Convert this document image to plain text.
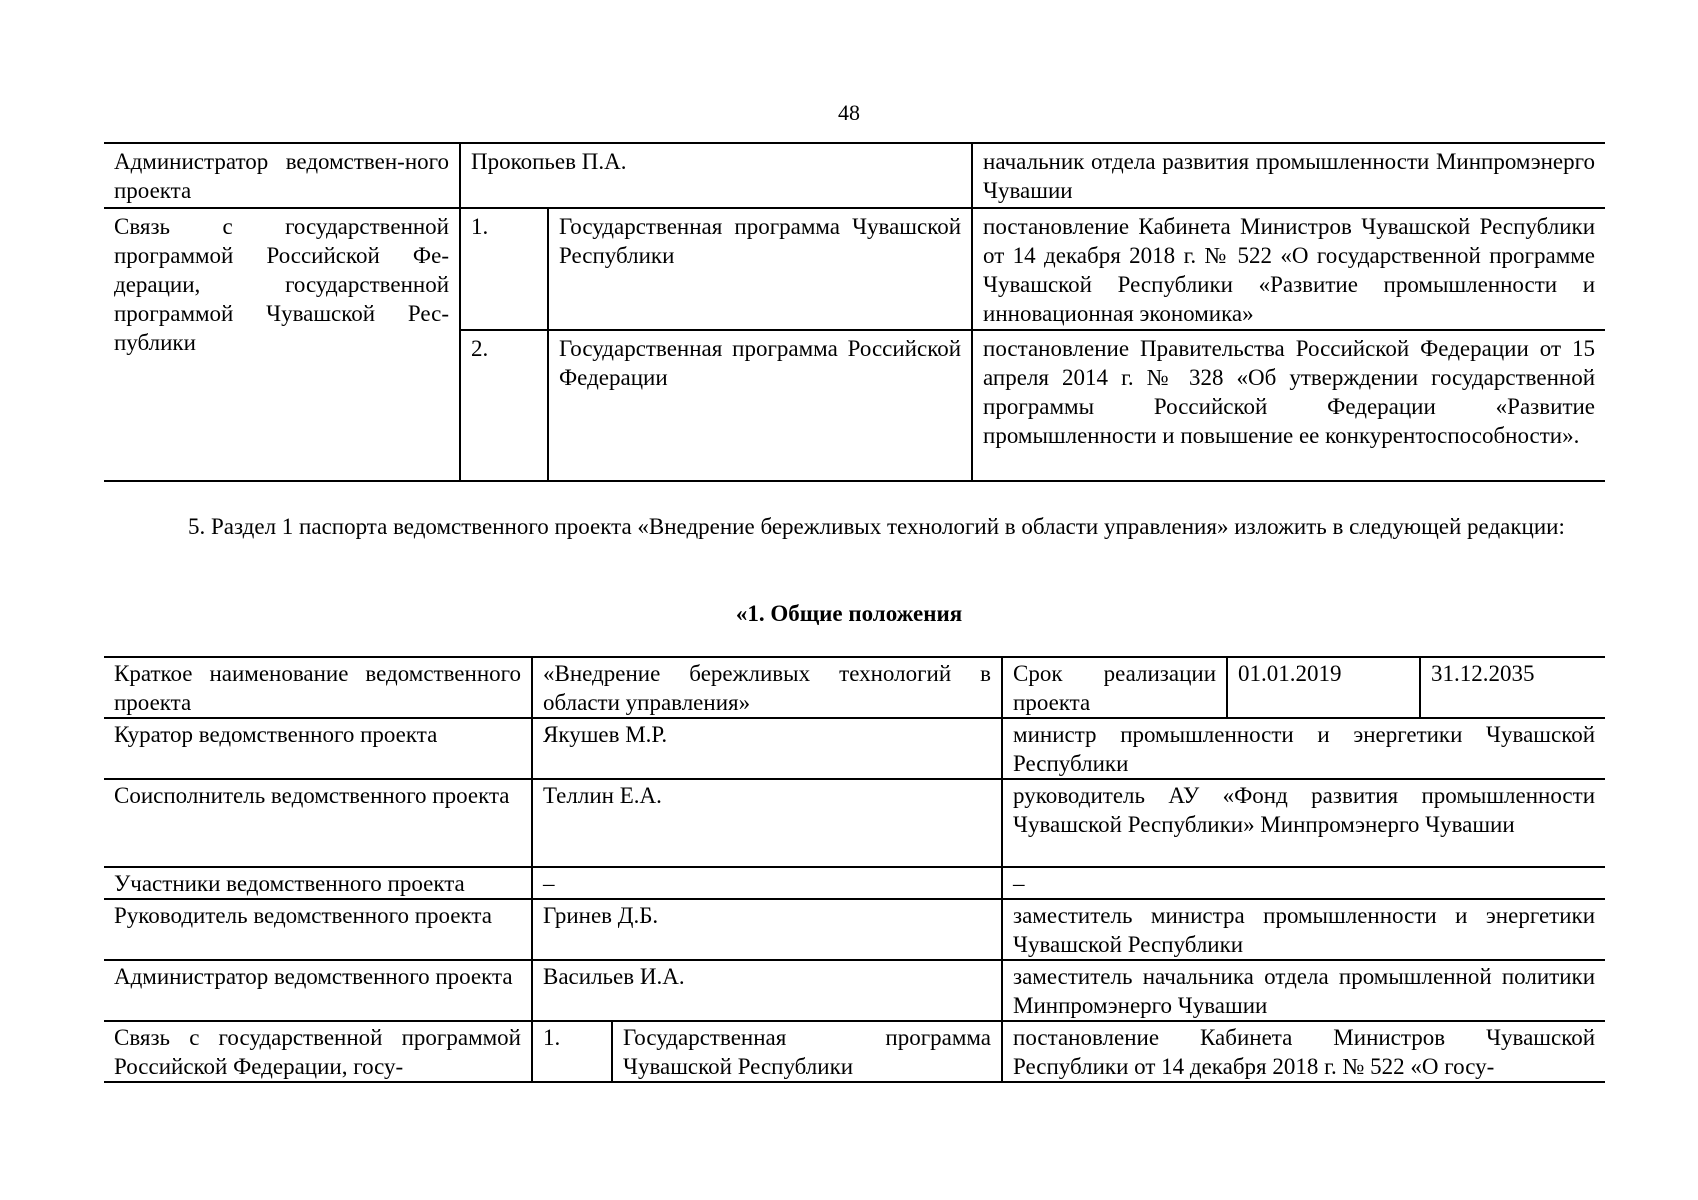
48
Администратор ведомствен-ного проекта	Прокопьев П.А.		начальник отдела развития промышленности Минпромэнерго Чувашии
Связь с государственной программой Российской Федерации, государственной программой Чувашской Республики	1.	Государственная программа Чувашской Республики	постановление Кабинета Министров Чувашской Республики от 14 декабря 2018 г. № 522 «О государственной программе Чувашской Республики «Развитие промышленности и инновационная экономика»
	2.	Государственная программа Российской Федерации	постановление Правительства Российской Федерации от 15 апреля 2014 г. № 328 «Об утверждении государственной программы Российской Федерации «Развитие промышленности и повышение ее конкурентоспособности».
5. Раздел 1 паспорта ведомственного проекта «Внедрение бережливых технологий в области управления» изложить в следующей редакции:
«1. Общие положения
Краткое наименование ведомственного проекта	«Внедрение бережливых технологий в области управления»		Срок реализации проекта	01.01.2019	31.12.2035
Куратор ведомственного проекта	Якушев М.Р.		министр промышленности и энергетики Чувашской Республики		
Соисполнитель ведомственного проекта	Теллин Е.А.		руководитель АУ «Фонд развития промышленности Чувашской Республики» Минпромэнерго Чувашии		
Участники ведомственного проекта	–		–		
Руководитель ведомственного проекта	Гринев Д.Б.		заместитель министра промышленности и энергетики Чувашской Республики		
Администратор ведомственного проекта	Васильев И.А.		заместитель начальника отдела промышленной политики Минпромэнерго Чувашии		
Связь с государственной программой Российской Федерации, госу-	1.	Государственная программа Чувашской Республики	постановление Кабинета Министров Чувашской Республики от 14 декабря 2018 г. № 522 «О госу-		
